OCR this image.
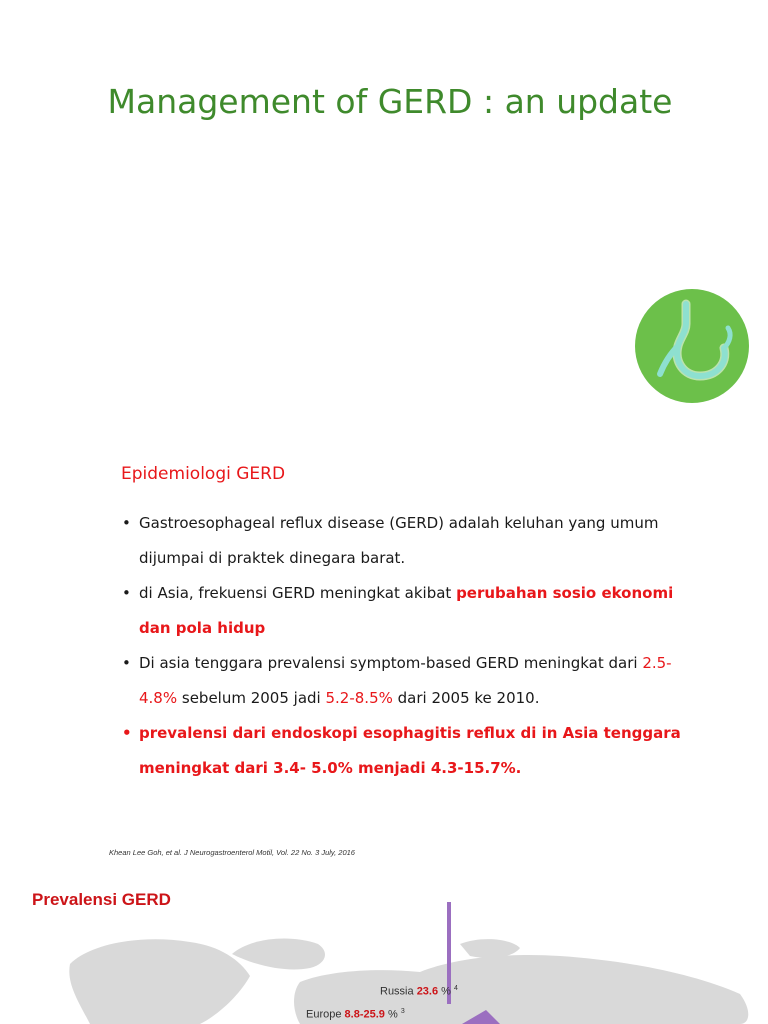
Management of GERD : an update
Epidemiologi GERD
• Gastroesophageal reflux disease (GERD) adalah keluhan yang umum dijumpai di praktek dinegara barat.
• di Asia, frekuensi GERD meningkat akibat perubahan sosio ekonomi dan pola hidup
• Di asia tenggara prevalensi symptom-based GERD meningkat dari 2.5-4.8% sebelum 2005 jadi 5.2-8.5% dari 2005 ke 2010.
• prevalensi dari endoskopi esophagitis reflux di in Asia tenggara meningkat dari 3.4- 5.0% menjadi 4.3-15.7%.
Khean Lee Goh, et al. J Neurogastroenterol Motil, Vol. 22 No. 3 July, 2016
Prevalensi GERD
Russia 23.6 % $^4$
Europe 8.8-25.9 % $^3$
